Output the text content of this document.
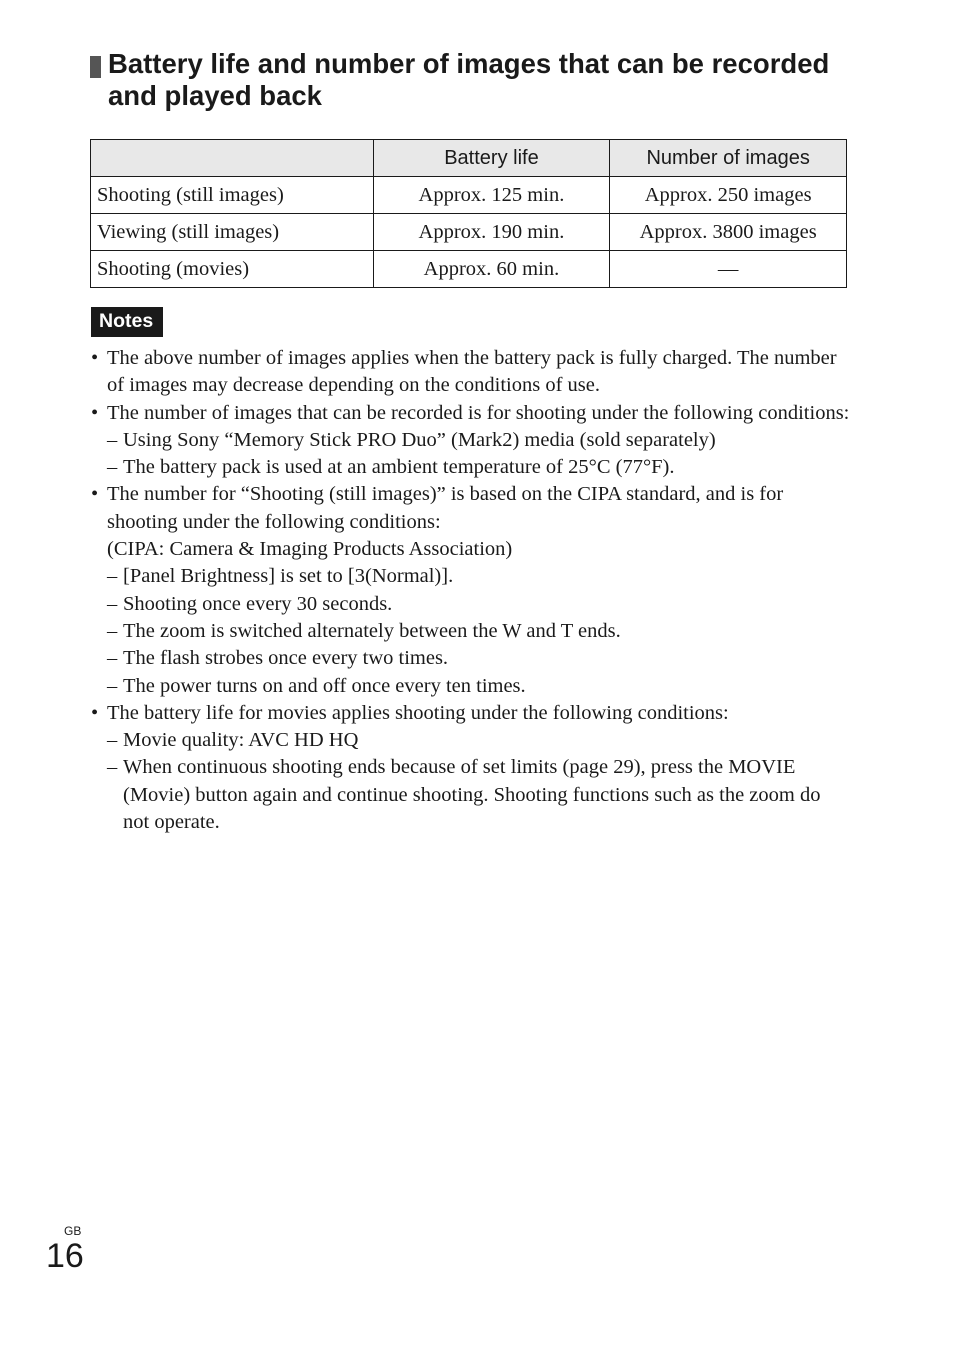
Battery life and number of images that can be recorded and played back
	Battery life	Number of images
Shooting (still images)	Approx. 125 min.	Approx. 250 images
Viewing (still images)	Approx. 190 min.	Approx. 3800 images
Shooting (movies)	Approx. 60 min.	—
Notes
• The above number of images applies when the battery pack is fully charged. The number of images may decrease depending on the conditions of use.
• The number of images that can be recorded is for shooting under the following conditions:
– Using Sony “Memory Stick PRO Duo” (Mark2) media (sold separately)
– The battery pack is used at an ambient temperature of 25°C (77°F).
• The number for “Shooting (still images)” is based on the CIPA standard, and is for shooting under the following conditions:
(CIPA: Camera & Imaging Products Association)
– [Panel Brightness] is set to [3(Normal)].
– Shooting once every 30 seconds.
– The zoom is switched alternately between the W and T ends.
– The flash strobes once every two times.
– The power turns on and off once every ten times.
• The battery life for movies applies shooting under the following conditions:
– Movie quality: AVC HD HQ
– When continuous shooting ends because of set limits (page 29), press the MOVIE (Movie) button again and continue shooting. Shooting functions such as the zoom do not operate.
GB
16
